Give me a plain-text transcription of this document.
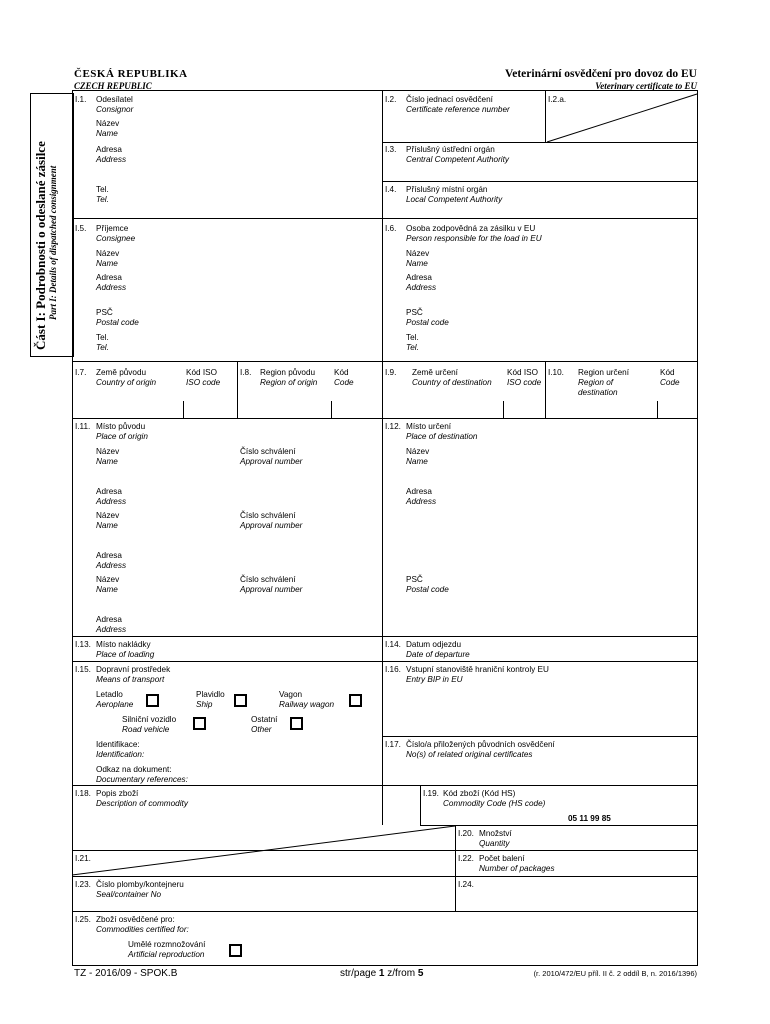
ČESKÁ REPUBLIKA
CZECH REPUBLIC
Veterinární osvědčení pro dovoz do EU
Veterinary certificate to EU
Část I: Podrobnosti o odeslané zásilce Part I: Details of dispatched consignment
I.1. Odesílatel
Consignor
Název
Name
Adresa
Address
Tel.
Tel.
I.2. Číslo jednací osvědčení
Certificate reference number
I.2.a.
I.3. Příslušný ústřední orgán
Central Competent Authority
I.4. Příslušný místní orgán
Local Competent Authority
I.5. Příjemce
Consignee
Název
Name
Adresa
Address
PSČ
Postal code
Tel.
Tel.
I.6. Osoba zodpovědná za zásilku v EU
Person responsible for the load in EU
Název
Name
Adresa
Address
PSČ
Postal code
Tel.
Tel.
I.7. Země původu
Country of origin
Kód ISO
ISO code
I.8. Region původu
Region of origin
Kód
Code
I.9. Země určení
Country of destination
Kód ISO
ISO code
I.10. Region určení
Region of
destination
Kód
Code
I.11. Místo původu
Place of origin
Název
Name
Číslo schválení
Approval number
Adresa
Address
Název
Name
Číslo schválení
Approval number
Adresa
Address
Název
Name
Číslo schválení
Approval number
Adresa
Address
I.12. Místo určení
Place of destination
Název
Name
Adresa
Address
PSČ
Postal code
I.13. Místo nakládky
Place of loading
I.14. Datum odjezdu
Date of departure
I.15. Dopravní prostředek
Means of transport
Letadlo
Aeroplane
Plavidlo
Ship
Vagon
Railway wagon
Silniční vozidlo
Road vehicle
Ostatní
Other
Identifikace:
Identification:
Odkaz na dokument:
Documentary references:
I.16. Vstupní stanoviště hraniční kontroly EU
Entry BIP in EU
I.17. Číslo/a přiložených původních osvědčení
No(s) of related original certificates
I.18. Popis zboží
Description of commodity
I.19. Kód zboží (Kód HS)
Commodity Code (HS code)
05 11 99 85
I.20. Množství
Quantity
I.21.	I.22. Počet balení
Number of packages
I.23. Číslo plomby/kontejneru
Seal/container No
I.24.
I.25. Zboží osvědčené pro:
Commodities certified for:
Umělé rozmnožování
Artificial reproduction
TZ - 2016/09 - SPOK.B	str/page 1 z/from 5	(r. 2010/472/EU příl. II č. 2 oddíl B, n. 2016/1396)
